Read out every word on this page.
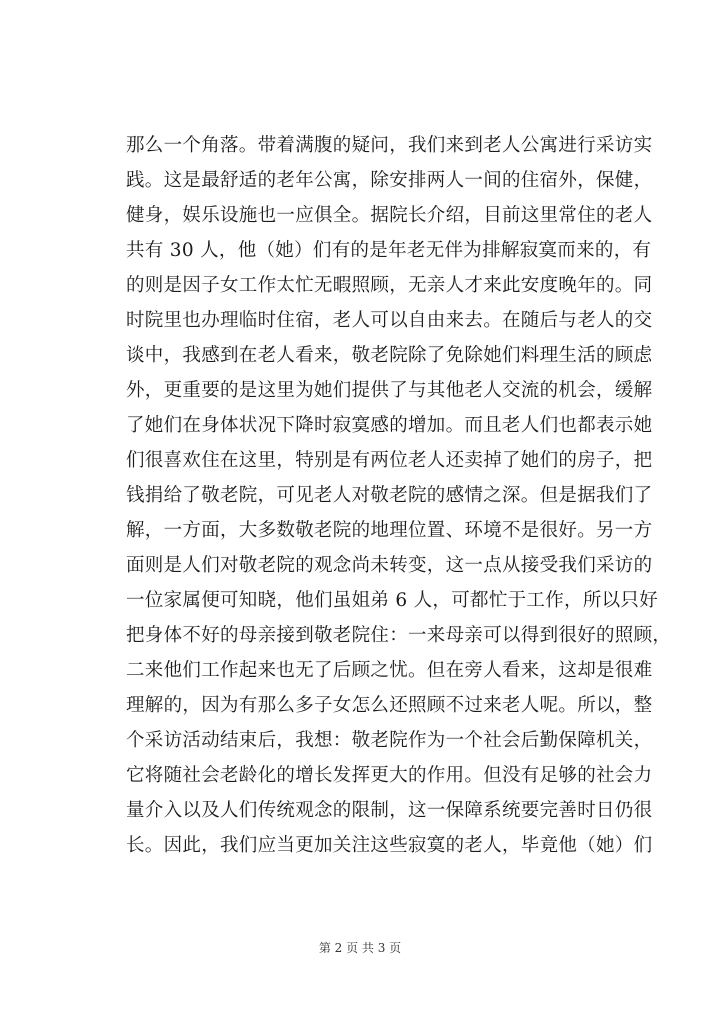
那么一个角落。带着满腹的疑问，我们来到老人公寓进行采访实
践。这是最舒适的老年公寓，除安排两人一间的住宿外，保健，
健身，娱乐设施也一应俱全。据院长介绍，目前这里常住的老人
共有 30 人，他（她）们有的是年老无伴为排解寂寞而来的，有
的则是因子女工作太忙无暇照顾，无亲人才来此安度晚年的。同
时院里也办理临时住宿，老人可以自由来去。在随后与老人的交
谈中，我感到在老人看来，敬老院除了免除她们料理生活的顾虑
外，更重要的是这里为她们提供了与其他老人交流的机会，缓解
了她们在身体状况下降时寂寞感的增加。而且老人们也都表示她
们很喜欢住在这里，特别是有两位老人还卖掉了她们的房子，把
钱捐给了敬老院，可见老人对敬老院的感情之深。但是据我们了
解，一方面，大多数敬老院的地理位置、环境不是很好。另一方
面则是人们对敬老院的观念尚未转变，这一点从接受我们采访的
一位家属便可知晓，他们虽姐弟 6 人，可都忙于工作，所以只好
把身体不好的母亲接到敬老院住：一来母亲可以得到很好的照顾，
二来他们工作起来也无了后顾之忧。但在旁人看来，这却是很难
理解的，因为有那么多子女怎么还照顾不过来老人呢。所以，整
个采访活动结束后，我想：敬老院作为一个社会后勤保障机关，
它将随社会老龄化的增长发挥更大的作用。但没有足够的社会力
量介入以及人们传统观念的限制，这一保障系统要完善时日仍很
长。因此，我们应当更加关注这些寂寞的老人，毕竟他（她）们
第 2 页 共 3 页
